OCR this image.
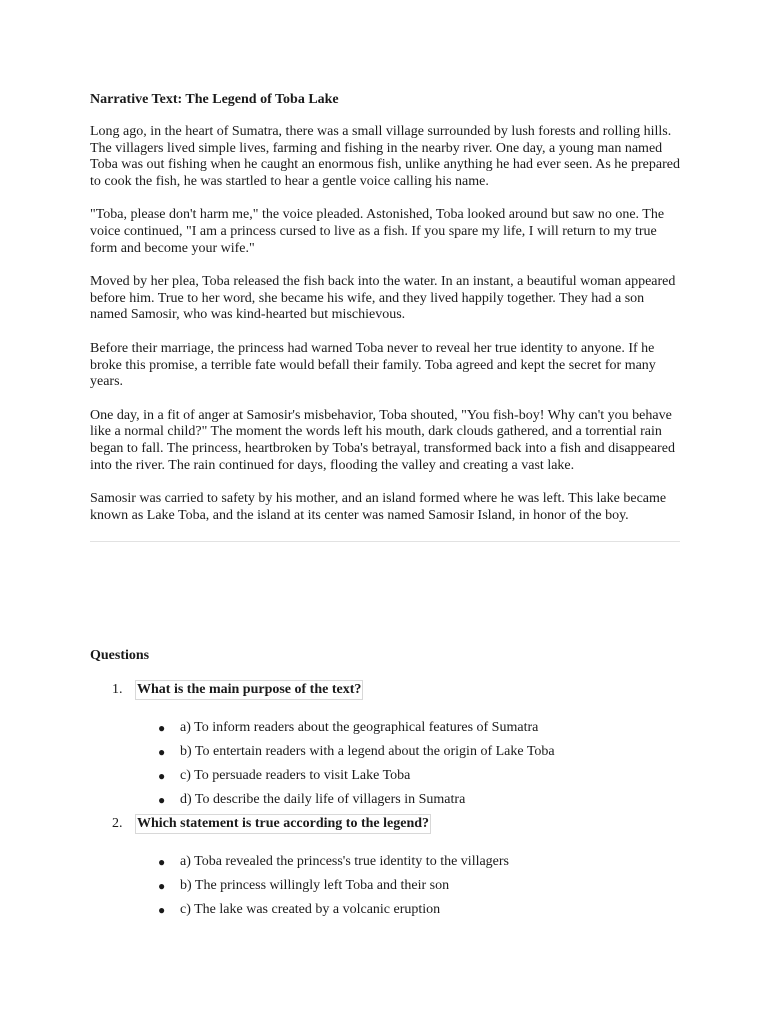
Narrative Text: The Legend of Toba Lake

Long ago, in the heart of Sumatra, there was a small village surrounded by lush forests and rolling hills. The villagers lived simple lives, farming and fishing in the nearby river. One day, a young man named Toba was out fishing when he caught an enormous fish, unlike anything he had ever seen. As he prepared to cook the fish, he was startled to hear a gentle voice calling his name.

"Toba, please don't harm me," the voice pleaded. Astonished, Toba looked around but saw no one. The voice continued, "I am a princess cursed to live as a fish. If you spare my life, I will return to my true form and become your wife."

Moved by her plea, Toba released the fish back into the water. In an instant, a beautiful woman appeared before him. True to her word, she became his wife, and they lived happily together. They had a son named Samosir, who was kind-hearted but mischievous.

Before their marriage, the princess had warned Toba never to reveal her true identity to anyone. If he broke this promise, a terrible fate would befall their family. Toba agreed and kept the secret for many years.

One day, in a fit of anger at Samosir's misbehavior, Toba shouted, "You fish-boy! Why can't you behave like a normal child?" The moment the words left his mouth, dark clouds gathered, and a torrential rain began to fall. The princess, heartbroken by Toba's betrayal, transformed back into a fish and disappeared into the river. The rain continued for days, flooding the valley and creating a vast lake.

Samosir was carried to safety by his mother, and an island formed where he was left. This lake became known as Lake Toba, and the island at its center was named Samosir Island, in honor of the boy.

Questions
1. What is the main purpose of the text?
● a) To inform readers about the geographical features of Sumatra
● b) To entertain readers with a legend about the origin of Lake Toba
● c) To persuade readers to visit Lake Toba
● d) To describe the daily life of villagers in Sumatra
2. Which statement is true according to the legend?
● a) Toba revealed the princess's true identity to the villagers
● b) The princess willingly left Toba and their son
● c) The lake was created by a volcanic eruption
